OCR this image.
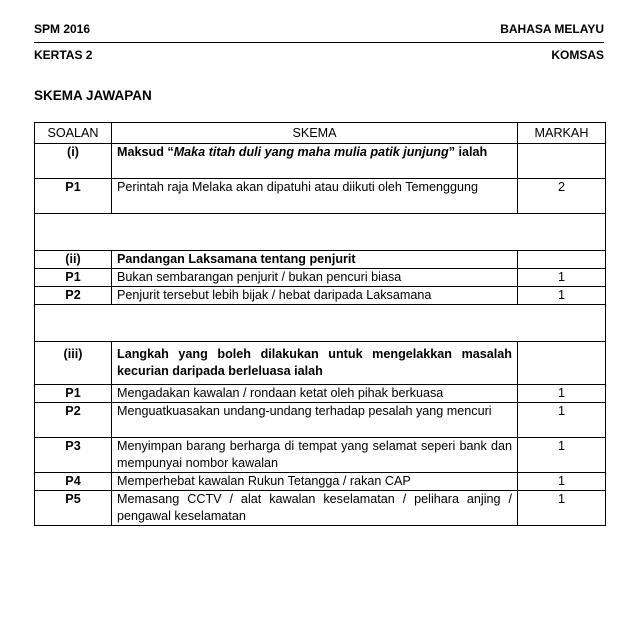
SPM 2016	BAHASA MELAYU
KERTAS 2	KOMSAS
SKEMA JAWAPAN
SOALAN	SKEMA	MARKAH
(i)	Maksud “Maka titah duli yang maha mulia patik junjung” ialah	
P1	Perintah raja Melaka akan dipatuhi atau diikuti oleh Temenggung	2

(ii)	Pandangan Laksamana tentang penjurit	
P1	Bukan sembarangan penjurit / bukan pencuri biasa	1
P2	Penjurit tersebut lebih bijak / hebat daripada Laksamana	1

(iii)	Langkah yang boleh dilakukan untuk mengelakkan masalah kecurian daripada berleluasa ialah	
P1	Mengadakan kawalan / rondaan ketat oleh pihak berkuasa	1
P2	Menguatkuasakan undang-undang terhadap pesalah yang mencuri	1
P3	Menyimpan barang berharga di tempat yang selamat seperi bank dan mempunyai nombor kawalan	1
P4	Memperhebat kawalan Rukun Tetangga / rakan CAP	1
P5	Memasang CCTV / alat kawalan keselamatan / pelihara anjing / pengawal keselamatan	1
